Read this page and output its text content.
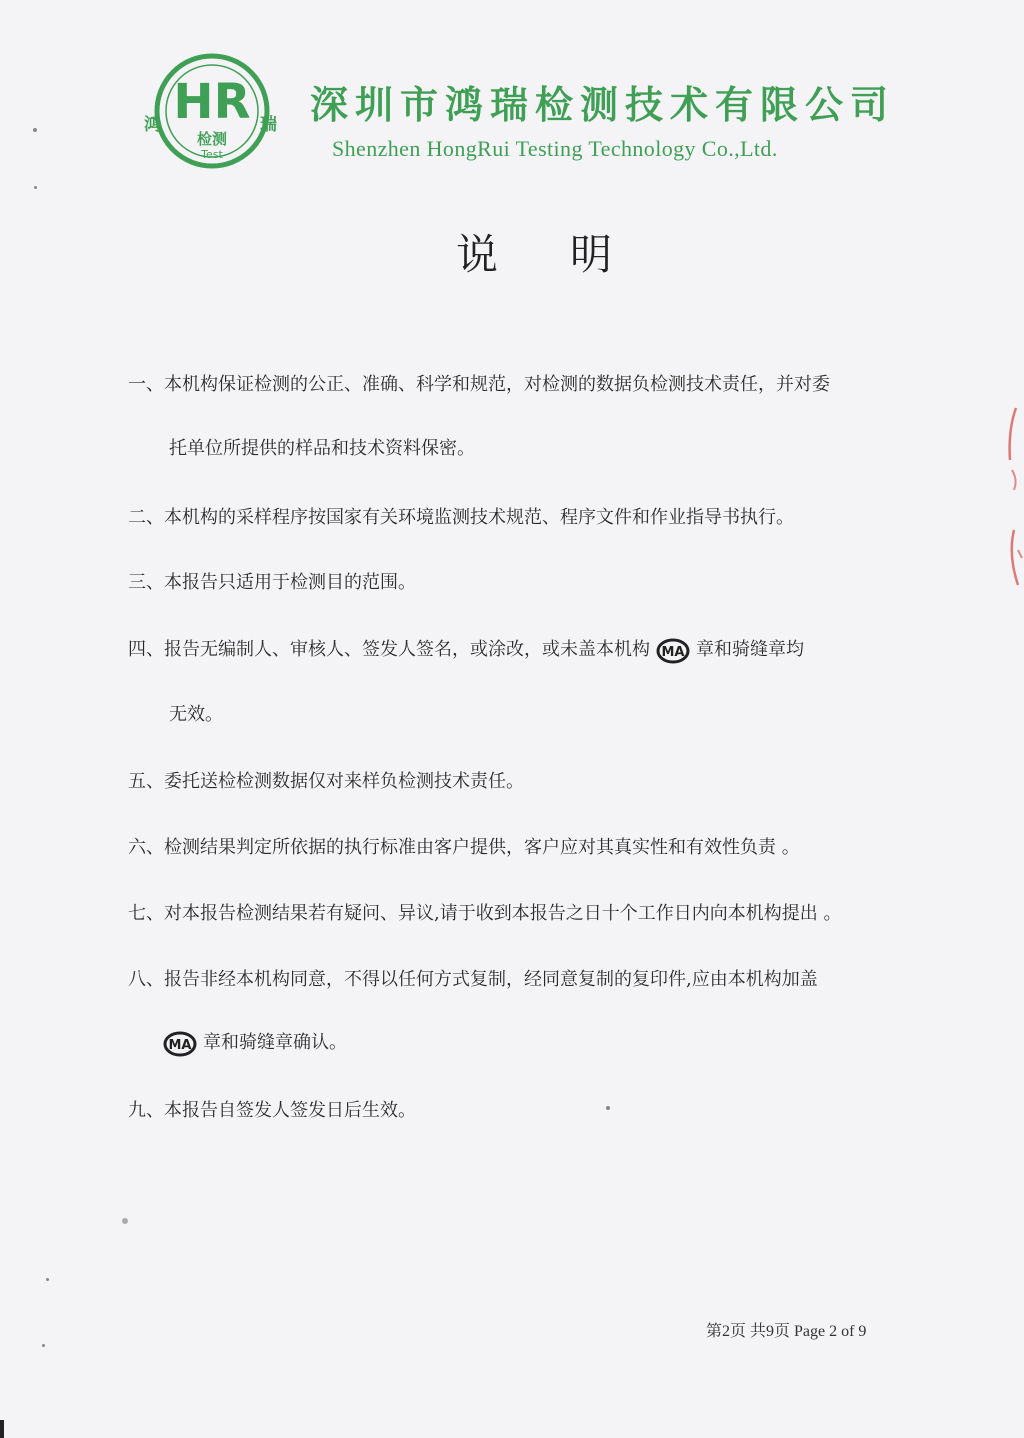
HR
鸿	瑞
检测
Test
深圳市鸿瑞检测技术有限公司
Shenzhen HongRui Testing Technology Co.,Ltd.
说明
一、本机构保证检测的公正、准确、科学和规范，对检测的数据负检测技术责任，并对委
托单位所提供的样品和技术资料保密。
二、本机构的采样程序按国家有关环境监测技术规范、程序文件和作业指导书执行。
三、本报告只适用于检测目的范围。
四、报告无编制人、审核人、签发人签名，或涂改，或未盖本机构 MA 章和骑缝章均
无效。
五、委托送检检测数据仅对来样负检测技术责任。
六、检测结果判定所依据的执行标准由客户提供，客户应对其真实性和有效性负责 。
七、对本报告检测结果若有疑问、异议,请于收到本报告之日十个工作日内向本机构提出 。
八、报告非经本机构同意，不得以任何方式复制，经同意复制的复印件,应由本机构加盖
MA 章和骑缝章确认。
九、本报告自签发人签发日后生效。
第2页 共9页 Page 2 of 9
